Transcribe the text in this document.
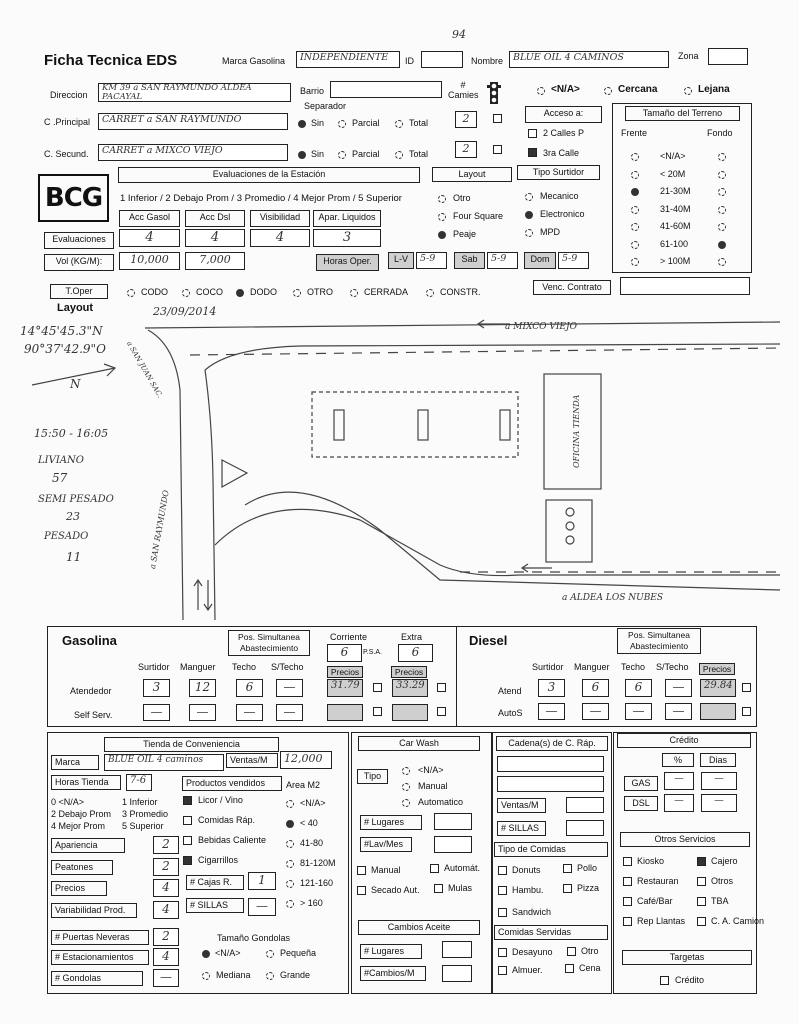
94
Ficha Tecnica EDS	Marca Gasolina	INDEPENDIENTE	ID	Nombre	BLUE OIL 4 CAMINOS	Zona
Direccion
KM 39 a SAN RAYMUNDO ALDEA PACAYAL
Barrio
# Camies
Separador
<N/A>	Cercana	Lejana
C .Principal	CARRET a SAN RAYMUNDO	Sin	Parcial	Total	2
C. Secund.	CARRET a MIXCO VIEJO	Sin	Parcial	Total	2
Acceso a:
2 Calles P
3ra Calle
Tamaño del Terreno
Frente	Fondo
<N/A>
< 20M
21-30M
31-40M
41-60M
61-100
> 100M
BCG
Evaluaciones de la Estación
1 Inferior / 2 Debajo Prom / 3 Promedio / 4 Mejor Prom / 5 Superior
Acc Gasol	Acc Dsl	Visibilidad	Apar. Liquidos
Evaluaciones	4	4	4	3
Vol (KG/M):	10,000	7,000	Horas Oper.	L-V	5-9	Sab	5-9	Dom	5-9
Layout	Tipo Surtidor
Otro
Four Square
Peaje
Mecanico
Electronico
MPD
T.Oper	CODO	COCO	DODO	OTRO	CERRADA	CONSTR.	Venc. Contrato
Layout	23/09/2014
14°45'45.3"N
90°37'42.9"O
N
15:50 - 16:05
LIVIANO
57
SEMI PESADO
23
PESADO
11
a MIXCO VIEJO
a ALDEA LOS NUBES
a SAN RAYMUNDO
a SAN JUAN SAC.
OFICINA TIENDA
Gasolina	Pos. Simultanea Abastecimiento
Corriente	Extra
6	P.S.A.	6
Surtidor Manguer Techo S/Techo	Precios	Precios
Atendedor
Self Serv.
3	12	6	—	31.79	33.29
—	—	—	—
Diesel	Pos. Simultanea Abastecimiento
Surtidor Manguer Techo S/Techo	Precios
Atend
AutoS
3	6	6	—	29.84
—	—	—	—
Tienda de Conveniencia
Marca	BLUE OIL 4 caminos	Ventas/M	12,000
Horas Tienda	7-6	Productos vendidos	Area M2
0 <N/A>	1 Inferior
2 Debajo Prom 3 Promedio
4 Mejor Prom 5 Superior
Licor / Vino
Comidas Ráp.
Bebidas Caliente
Cigarrillos
<N/A>
< 40
41-80
81-120M
121-160
> 160
Apariencia	2
Peatones	2
Precios	4
Variabilidad Prod.	4
# Puertas Neveras	2
# Estacionamientos	4
# Gondolas	—
# Cajas R.	1
# SILLAS	—
Tamaño Gondolas
<N/A>	Pequeña
Mediana	Grande
Car Wash
Tipo
<N/A>
Manual
Automatico
# Lugares
#Lav/Mes
Manual	Automát.
Secado Aut.	Mulas
Cambios Aceite
# Lugares
#Cambios/M
Cadena(s) de C. Ráp.
Ventas/M
# SILLAS
Tipo de Comidas
Donuts	Pollo
Hambu.	Pizza
Sandwich
Comidas Servidas
Desayuno	Otro
Almuer.	Cena
Crédito
%	Dias
GAS	—	—
DSL	—	—
Otros Servicios
Kiosko	Cajero
Restauran	Otros
Café/Bar	TBA
Rep Llantas	C. A. Camion
Targetas
Crédito
